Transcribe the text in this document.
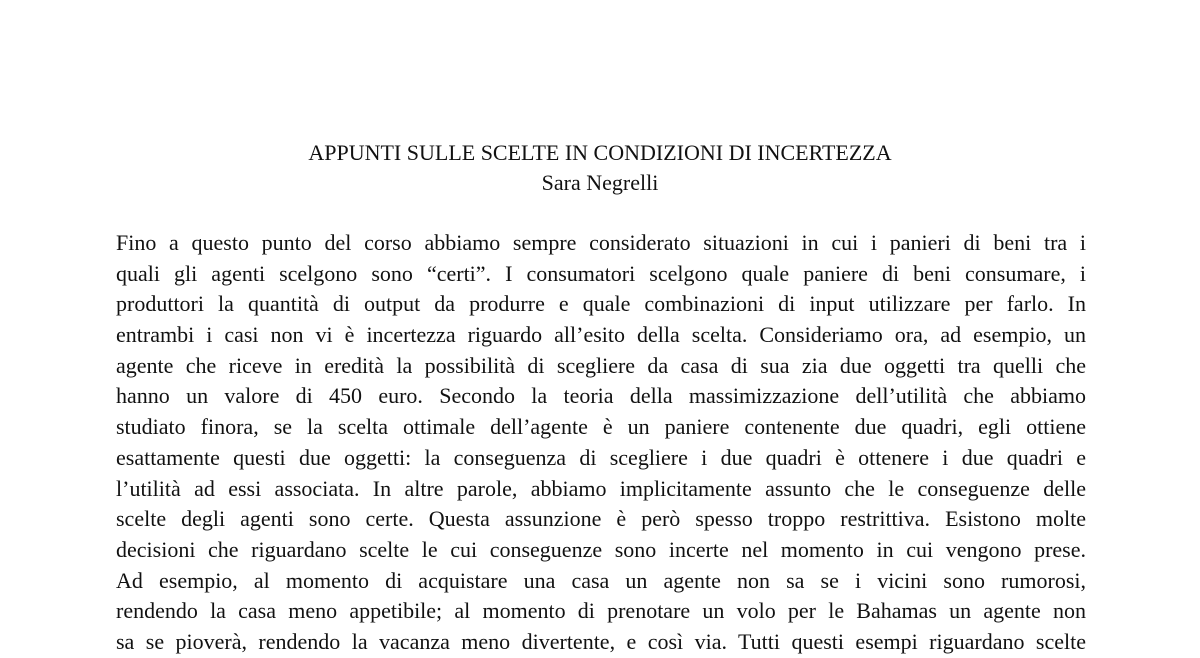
APPUNTI SULLE SCELTE IN CONDIZIONI DI INCERTEZZA
Sara Negrelli
Fino a questo punto del corso abbiamo sempre considerato situazioni in cui i panieri di beni tra i
quali gli agenti scelgono sono “certi”. I consumatori scelgono quale paniere di beni consumare, i
produttori la quantità di output da produrre e quale combinazioni di input utilizzare per farlo. In
entrambi i casi non vi è incertezza riguardo all’esito della scelta. Consideriamo ora, ad esempio, un
agente che riceve in eredità la possibilità di scegliere da casa di sua zia due oggetti tra quelli che
hanno un valore di 450 euro. Secondo la teoria della massimizzazione dell’utilità che abbiamo
studiato finora, se la scelta ottimale dell’agente è un paniere contenente due quadri, egli ottiene
esattamente questi due oggetti: la conseguenza di scegliere i due quadri è ottenere i due quadri e
l’utilità ad essi associata. In altre parole, abbiamo implicitamente assunto che le conseguenze delle
scelte degli agenti sono certe. Questa assunzione è però spesso troppo restrittiva. Esistono molte
decisioni che riguardano scelte le cui conseguenze sono incerte nel momento in cui vengono prese.
Ad esempio, al momento di acquistare una casa un agente non sa se i vicini sono rumorosi,
rendendo la casa meno appetibile; al momento di prenotare un volo per le Bahamas un agente non
sa se pioverà, rendendo la vacanza meno divertente, e così via. Tutti questi esempi riguardano scelte
